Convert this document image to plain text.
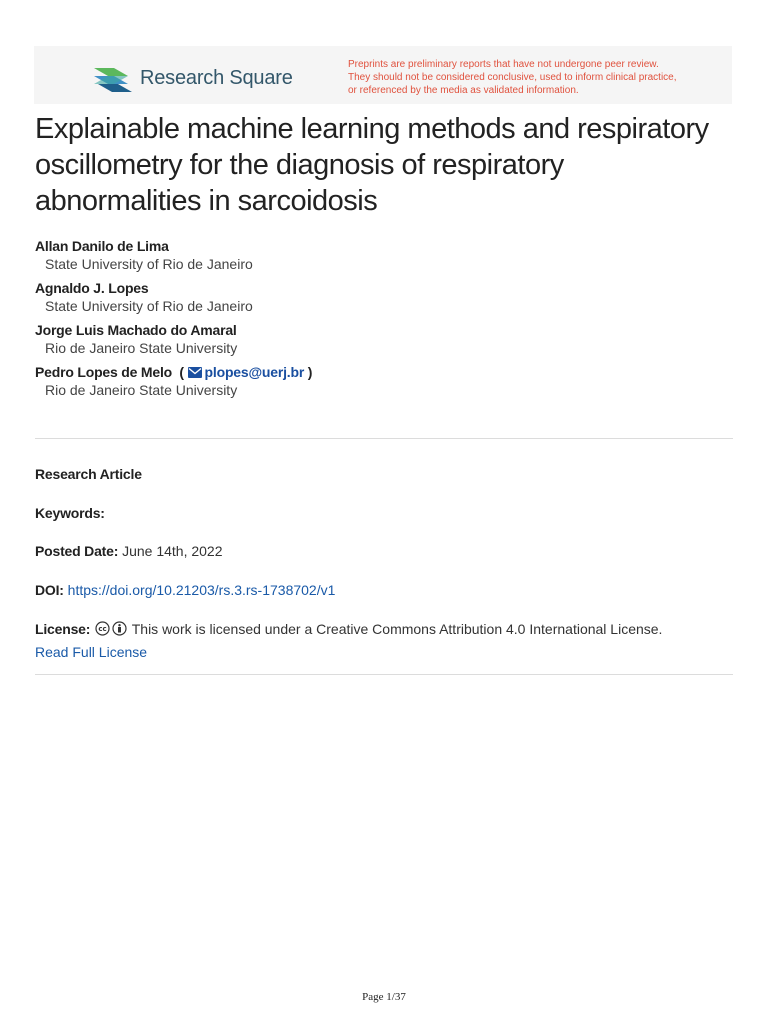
Research Square
Preprints are preliminary reports that have not undergone peer review.
They should not be considered conclusive, used to inform clinical practice,
or referenced by the media as validated information.
Explainable machine learning methods and respiratory oscillometry for the diagnosis of respiratory abnormalities in sarcoidosis
Allan Danilo de Lima
State University of Rio de Janeiro
Agnaldo J. Lopes
State University of Rio de Janeiro
Jorge Luis Machado do Amaral
Rio de Janeiro State University
Pedro Lopes de Melo  ( plopes@uerj.br )
Rio de Janeiro State University
Research Article
Keywords:
Posted Date: June 14th, 2022
DOI: https://doi.org/10.21203/rs.3.rs-1738702/v1
License: cc This work is licensed under a Creative Commons Attribution 4.0 International License.
Read Full License
Page 1/37
